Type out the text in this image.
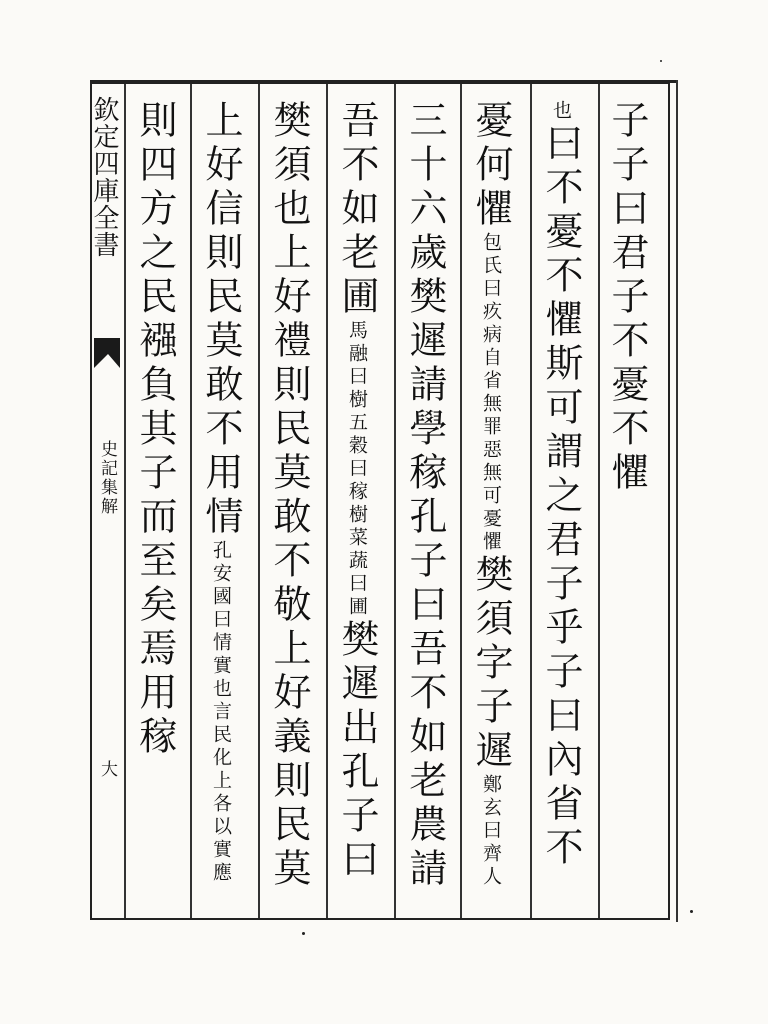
欽定四庫全書
史記集解
大
子子曰君子不憂不懼
也曰不憂不懼斯可謂之君子乎子曰內省不
憂何懼包氏曰疚病自省無罪惡無可憂懼樊須字子遲鄭玄曰齊人
三十六歲樊遲請學稼孔子曰吾不如老農請
吾不如老圃馬融曰樹五穀曰稼樹菜蔬曰圃樊遲出孔子曰
樊須也上好禮則民莫敢不敬上好義則民莫
上好信則民莫敢不用情孔安國曰情實也言民化上各以實應
則四方之民襁負其子而至矣焉用稼
